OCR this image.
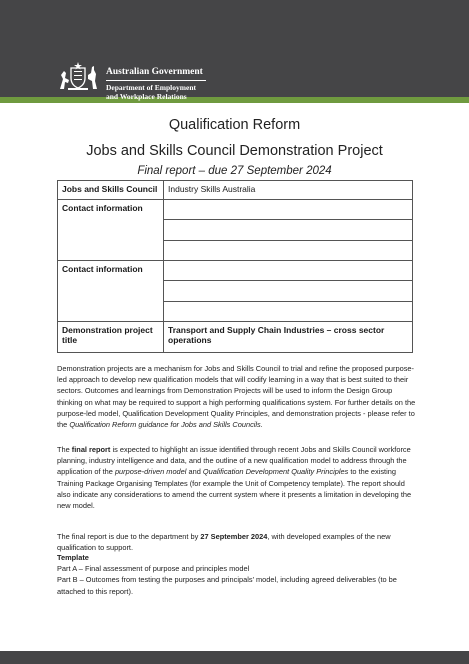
Australian Government
Department of Employment
and Workplace Relations
Qualification Reform
Jobs and Skills Council Demonstration Project
Final report – due 27 September 2024
Jobs and Skills Council	Industry Skills Australia
Contact information	

Contact information	

Demonstration project title	Transport and Supply Chain Industries – cross sector operations

Demonstration projects are a mechanism for Jobs and Skills Council to trial and refine the proposed purpose-led approach to develop new qualification models that will codify learning in a way that is best suited to their sectors. Outcomes and learnings from Demonstration Projects will be used to inform the Design Group thinking on what may be required to support a high performing qualifications system. For further details on the purpose-led model, Qualification Development Quality Principles, and demonstration projects - please refer to the Qualification Reform guidance for Jobs and Skills Councils.

The final report is expected to highlight an issue identified through recent Jobs and Skills Council workforce planning, industry intelligence and data, and the outline of a new qualification model to address through the application of the purpose-driven model and Qualification Development Quality Principles to the existing Training Package Organising Templates (for example the Unit of Competency template). The report should also indicate any considerations to amend the current system where it presents a limitation in developing the new model.

The final report is due to the department by 27 September 2024, with developed examples of the new qualification to support.

Template

Part A – Final assessment of purpose and principles model

Part B – Outcomes from testing the purposes and principals’ model, including agreed deliverables (to be attached to this report).
